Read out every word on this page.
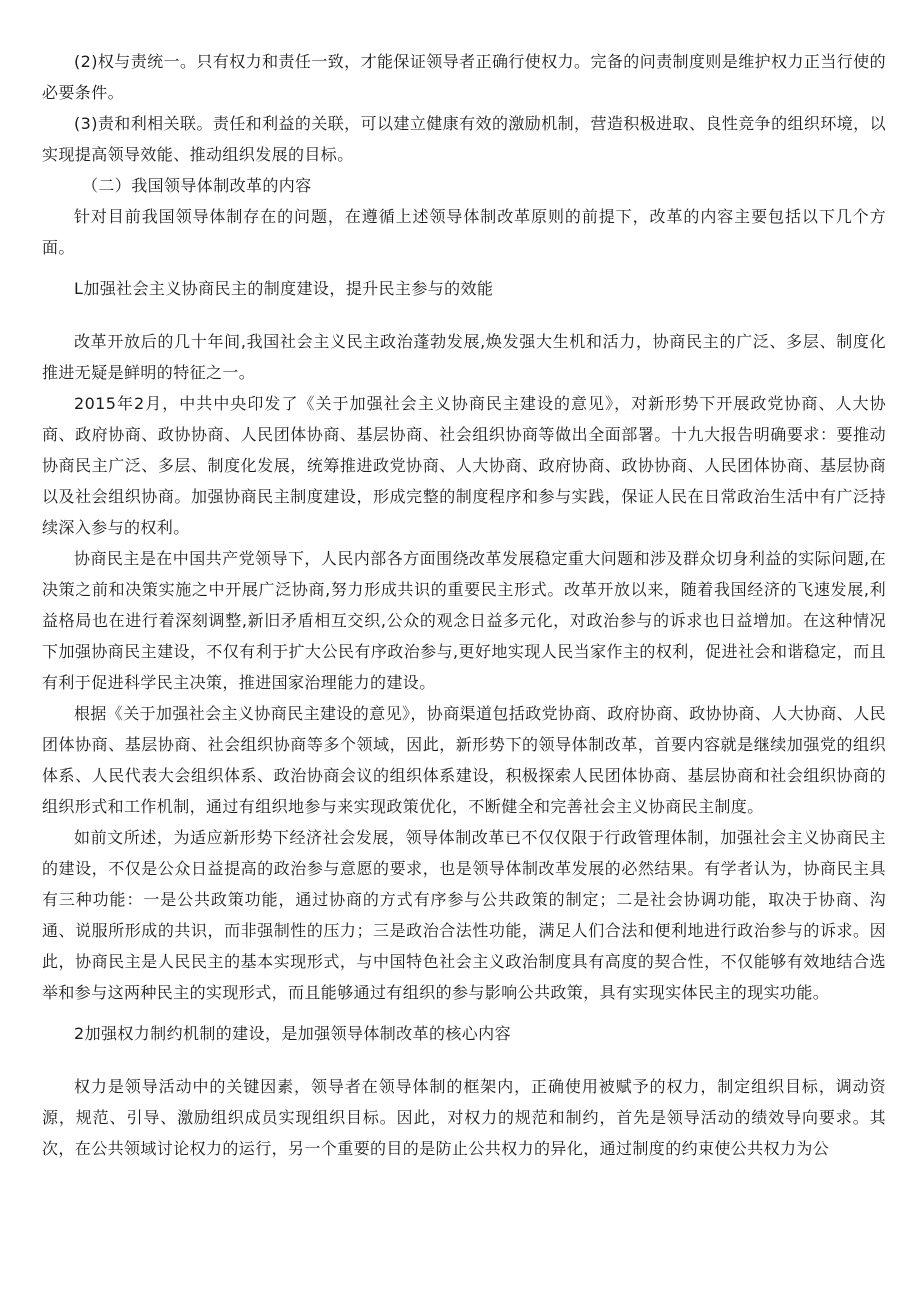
(2)权与责统一。只有权力和责任一致，才能保证领导者正确行使权力。完备的问责制度则是维护权力正当行使的必要条件。

(3)责和利相关联。责任和利益的关联，可以建立健康有效的激励机制，营造积极进取、良性竞争的组织环境，以实现提高领导效能、推动组织发展的目标。

（二）我国领导体制改革的内容

针对目前我国领导体制存在的问题，在遵循上述领导体制改革原则的前提下，改革的内容主要包括以下几个方面。

L加强社会主义协商民主的制度建设，提升民主参与的效能

改革开放后的几十年间,我国社会主义民主政治蓬勃发展,焕发强大生机和活力，协商民主的广泛、多层、制度化推进无疑是鲜明的特征之一。

2015年2月，中共中央印发了《关于加强社会主义协商民主建设的意见》，对新形势下开展政党协商、人大协商、政府协商、政协协商、人民团体协商、基层协商、社会组织协商等做出全面部署。十九大报告明确要求：要推动协商民主广泛、多层、制度化发展，统筹推进政党协商、人大协商、政府协商、政协协商、人民团体协商、基层协商以及社会组织协商。加强协商民主制度建设，形成完整的制度程序和参与实践，保证人民在日常政治生活中有广泛持续深入参与的权利。

协商民主是在中国共产党领导下，人民内部各方面围绕改革发展稳定重大问题和涉及群众切身利益的实际问题,在决策之前和决策实施之中开展广泛协商,努力形成共识的重要民主形式。改革开放以来，随着我国经济的飞速发展,利益格局也在进行着深刻调整,新旧矛盾相互交织,公众的观念日益多元化，对政治参与的诉求也日益增加。在这种情况下加强协商民主建设，不仅有利于扩大公民有序政治参与,更好地实现人民当家作主的权利，促进社会和谐稳定，而且有利于促进科学民主决策，推进国家治理能力的建设。

根据《关于加强社会主义协商民主建设的意见》，协商渠道包括政党协商、政府协商、政协协商、人大协商、人民团体协商、基层协商、社会组织协商等多个领域，因此，新形势下的领导体制改革，首要内容就是继续加强党的组织体系、人民代表大会组织体系、政治协商会议的组织体系建设，积极探索人民团体协商、基层协商和社会组织协商的组织形式和工作机制，通过有组织地参与来实现政策优化，不断健全和完善社会主义协商民主制度。

如前文所述，为适应新形势下经济社会发展，领导体制改革已不仅仅限于行政管理体制，加强社会主义协商民主的建设，不仅是公众日益提高的政治参与意愿的要求，也是领导体制改革发展的必然结果。有学者认为，协商民主具有三种功能：一是公共政策功能，通过协商的方式有序参与公共政策的制定；二是社会协调功能，取决于协商、沟通、说服所形成的共识，而非强制性的压力；三是政治合法性功能，满足人们合法和便利地进行政治参与的诉求。因此，协商民主是人民民主的基本实现形式，与中国特色社会主义政治制度具有高度的契合性，不仅能够有效地结合选举和参与这两种民主的实现形式，而且能够通过有组织的参与影响公共政策，具有实现实体民主的现实功能。

2加强权力制约机制的建设，是加强领导体制改革的核心内容

权力是领导活动中的关键因素，领导者在领导体制的框架内，正确使用被赋予的权力，制定组织目标，调动资源，规范、引导、激励组织成员实现组织目标。因此，对权力的规范和制约，首先是领导活动的绩效导向要求。其次，在公共领域讨论权力的运行，另一个重要的目的是防止公共权力的异化，通过制度的约束使公共权力为公
